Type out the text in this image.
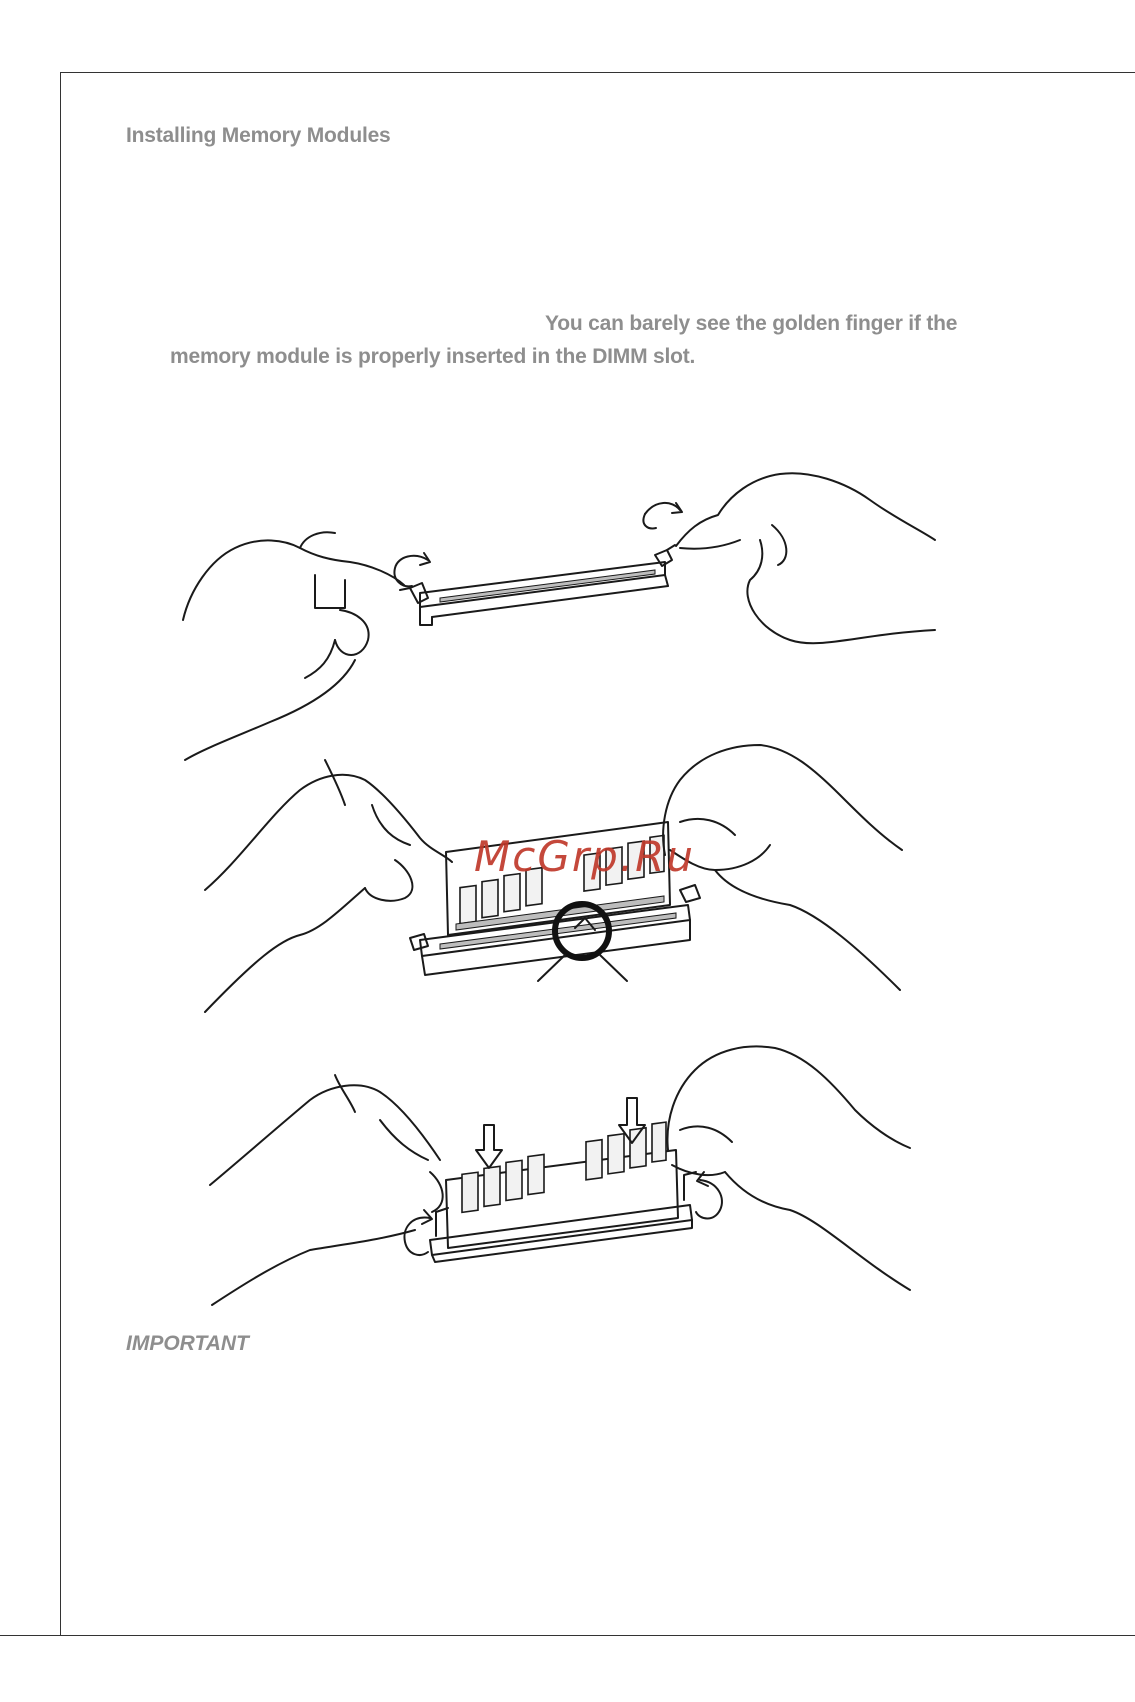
Installing Memory Modules
You can barely see the golden finger if the
memory module is properly inserted in the DIMM slot.
McGrp.Ru
IMPORTANT
